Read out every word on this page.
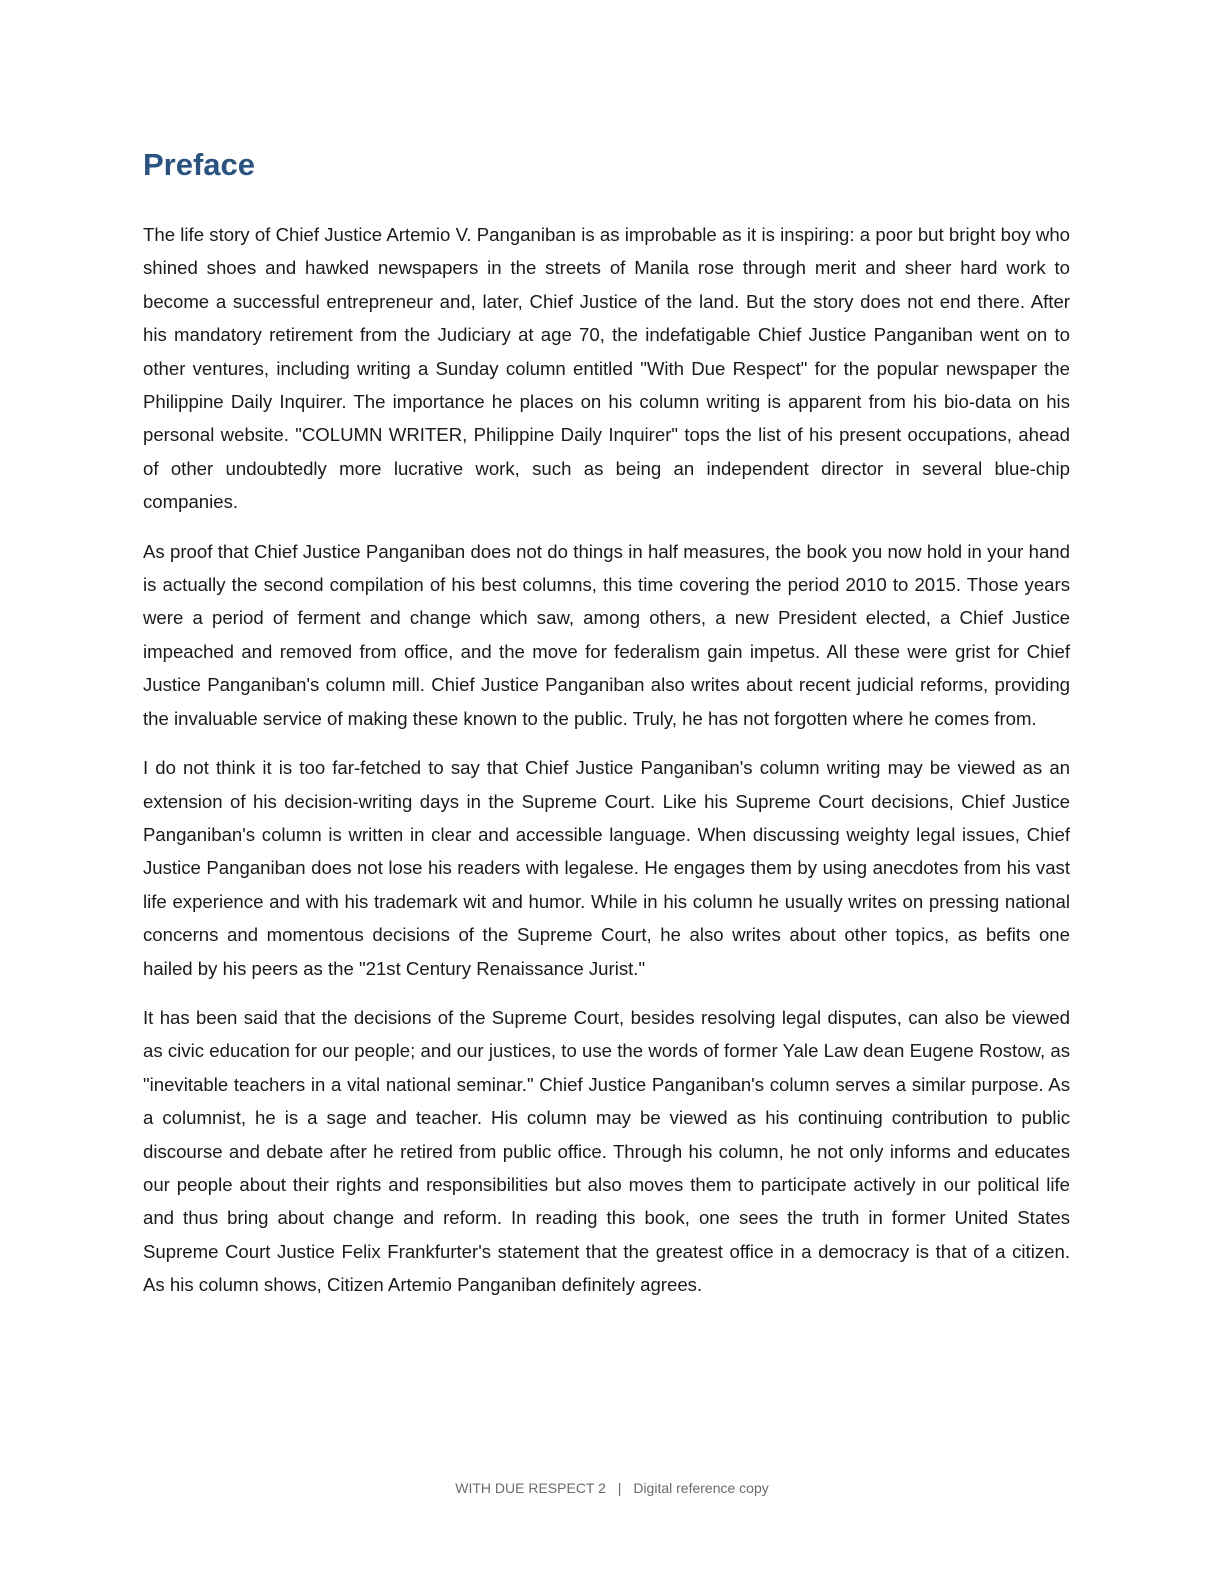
Preface

The life story of Chief Justice Artemio V. Panganiban is as improbable as it is inspiring: a poor but bright boy who shined shoes and hawked newspapers in the streets of Manila rose through merit and sheer hard work to become a successful entrepreneur and, later, Chief Justice of the land. But the story does not end there. After his mandatory retirement from the Judiciary at age 70, the indefatigable Chief Justice Panganiban went on to other ventures, including writing a Sunday column entitled "With Due Respect" for the popular newspaper the Philippine Daily Inquirer. The importance he places on his column writing is apparent from his bio-data on his personal website. "COLUMN WRITER, Philippine Daily Inquirer" tops the list of his present occupations, ahead of other undoubtedly more lucrative work, such as being an independent director in several blue-chip companies.

As proof that Chief Justice Panganiban does not do things in half measures, the book you now hold in your hand is actually the second compilation of his best columns, this time covering the period 2010 to 2015. Those years were a period of ferment and change which saw, among others, a new President elected, a Chief Justice impeached and removed from office, and the move for federalism gain impetus. All these were grist for Chief Justice Panganiban's column mill. Chief Justice Panganiban also writes about recent judicial reforms, providing the invaluable service of making these known to the public. Truly, he has not forgotten where he comes from.

I do not think it is too far-fetched to say that Chief Justice Panganiban's column writing may be viewed as an extension of his decision-writing days in the Supreme Court. Like his Supreme Court decisions, Chief Justice Panganiban's column is written in clear and accessible language. When discussing weighty legal issues, Chief Justice Panganiban does not lose his readers with legalese. He engages them by using anecdotes from his vast life experience and with his trademark wit and humor. While in his column he usually writes on pressing national concerns and momentous decisions of the Supreme Court, he also writes about other topics, as befits one hailed by his peers as the "21st Century Renaissance Jurist."

It has been said that the decisions of the Supreme Court, besides resolving legal disputes, can also be viewed as civic education for our people; and our justices, to use the words of former Yale Law dean Eugene Rostow, as "inevitable teachers in a vital national seminar." Chief Justice Panganiban's column serves a similar purpose. As a columnist, he is a sage and teacher. His column may be viewed as his continuing contribution to public discourse and debate after he retired from public office. Through his column, he not only informs and educates our people about their rights and responsibilities but also moves them to participate actively in our political life and thus bring about change and reform. In reading this book, one sees the truth in former United States Supreme Court Justice Felix Frankfurter's statement that the greatest office in a democracy is that of a citizen. As his column shows, Citizen Artemio Panganiban definitely agrees.

WITH DUE RESPECT 2 | Digital reference copy
